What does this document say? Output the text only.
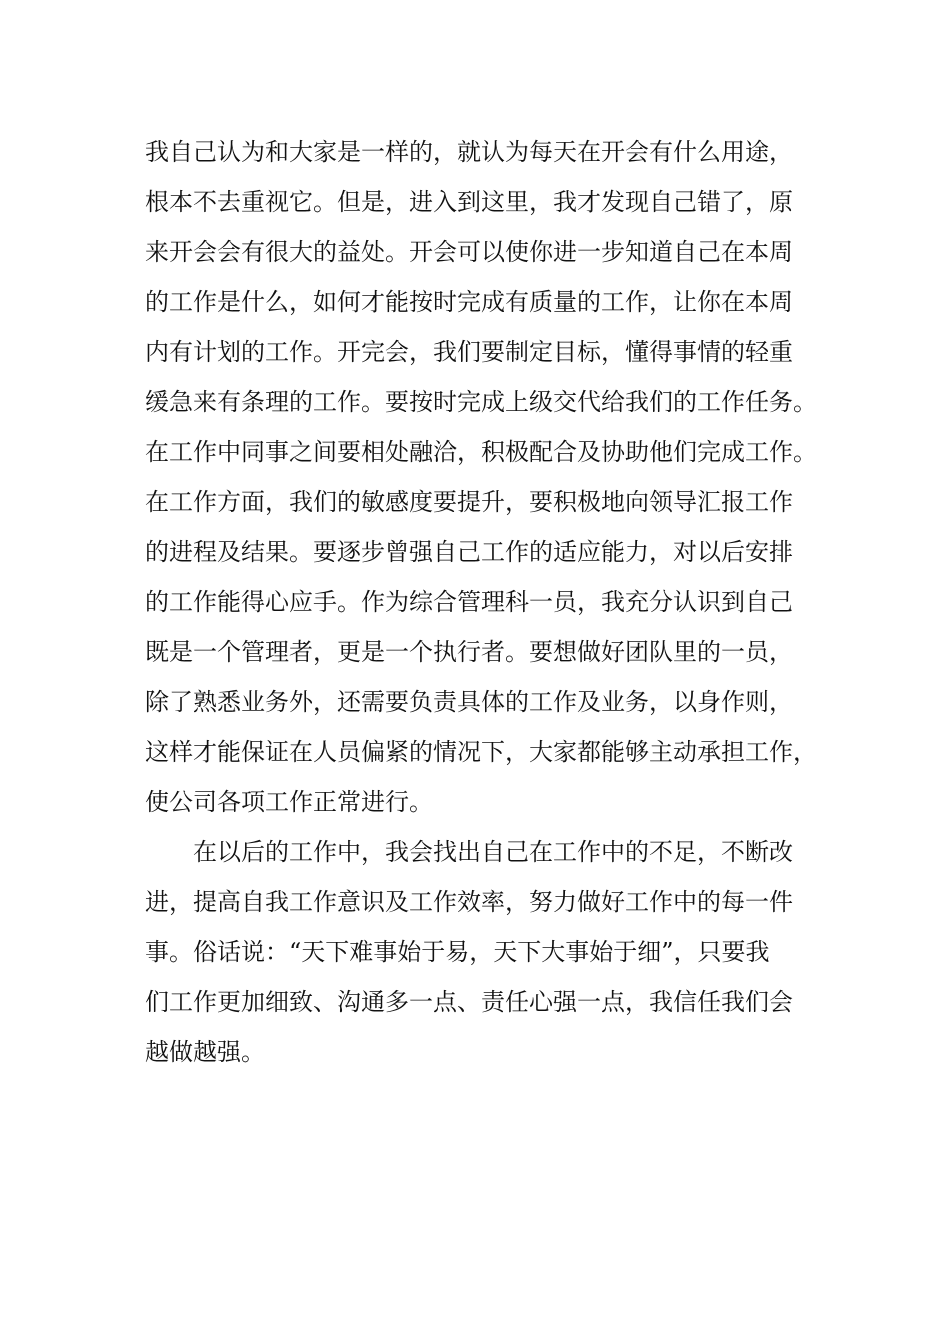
我自己认为和大家是一样的，就认为每天在开会有什么用途，
根本不去重视它。但是，进入到这里，我才发现自己错了，原
来开会会有很大的益处。开会可以使你进一步知道自己在本周
的工作是什么，如何才能按时完成有质量的工作，让你在本周
内有计划的工作。开完会，我们要制定目标，懂得事情的轻重
缓急来有条理的工作。要按时完成上级交代给我们的工作任务。
在工作中同事之间要相处融洽，积极配合及协助他们完成工作。
在工作方面，我们的敏感度要提升，要积极地向领导汇报工作
的进程及结果。要逐步曾强自己工作的适应能力，对以后安排
的工作能得心应手。作为综合管理科一员，我充分认识到自己
既是一个管理者，更是一个执行者。要想做好团队里的一员，
除了熟悉业务外，还需要负责具体的工作及业务，以身作则，
这样才能保证在人员偏紧的情况下，大家都能够主动承担工作，
使公司各项工作正常进行。
在以后的工作中，我会找出自己在工作中的不足，不断改
进，提高自我工作意识及工作效率，努力做好工作中的每一件
事。俗话说：“天下难事始于易，天下大事始于细”，只要我
们工作更加细致、沟通多一点、责任心强一点，我信任我们会
越做越强。
